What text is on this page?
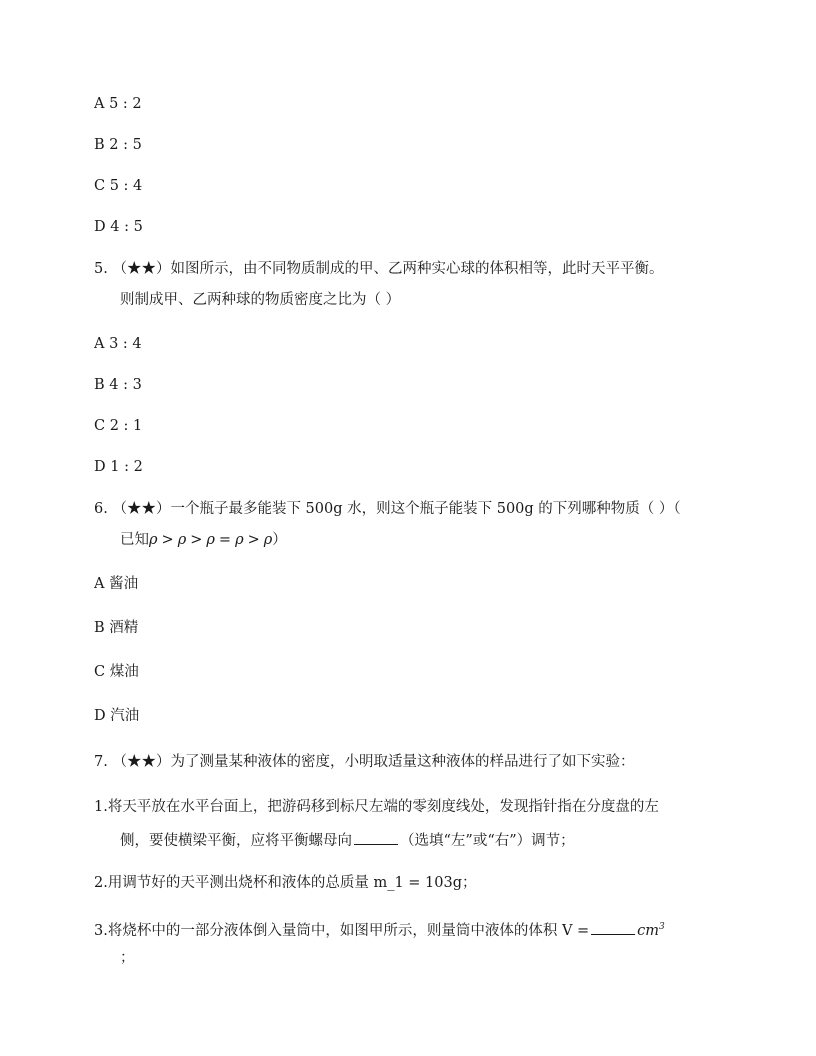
A 5 : 2
B 2 : 5
C 5 : 4
D 4 : 5
5. （★★）如图所示，由不同物质制成的甲、乙两种实心球的体积相等，此时天平平衡。
则制成甲、乙两种球的物质密度之比为（ ）
A 3 : 4
B 4 : 3
C 2 : 1
D 1 : 2
6. （★★）一个瓶子最多能装下 500g 水，则这个瓶子能装下 500g 的下列哪种物质（ ）（
已知ρ > ρ > ρ = ρ > ρ）
A 酱油
B 酒精
C 煤油
D 汽油
7. （★★）为了测量某种液体的密度，小明取适量这种液体的样品进行了如下实验：
1.将天平放在水平台面上，把游码移到标尺左端的零刻度线处，发现指针指在分度盘的左
侧，要使横梁平衡，应将平衡螺母向	（选填“左”或“右”）调节；
2.用调节好的天平测出烧杯和液体的总质量 m_1 = 103g；
3.将烧杯中的一部分液体倒入量筒中，如图甲所示，则量筒中液体的体积 V =	$cm^3$
；
